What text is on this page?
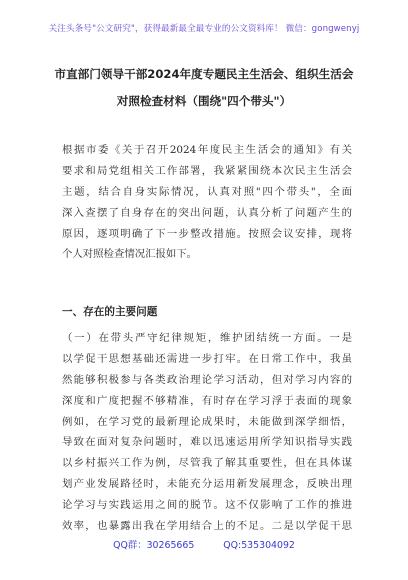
关注头条号"公文研究"，获得最新最全最专业的公文资料库！ 微信：gongwenyj
市直部门领导干部2024年度专题民主生活会、组织生活会
对照检查材料（围绕"四个带头"）
根据市委《关于召开2024年度民主生活会的通知》有关
要求和局党组相关工作部署，我紧紧围绕本次民主生活会
主题，结合自身实际情况，认真对照"四个带头"，全面
深入查摆了自身存在的突出问题，认真分析了问题产生的
原因，逐项明确了下一步整改措施。按照会议安排，现将
个人对照检查情况汇报如下。
一、存在的主要问题
（一）在带头严守纪律规矩，维护团结统一方面。一是
以学促干思想基础还需进一步打牢。在日常工作中，我虽
然能够积极参与各类政治理论学习活动，但对学习内容的
深度和广度把握不够精准，有时存在学习浮于表面的现象
例如，在学习党的最新理论成果时，未能做到深学细悟，
导致在面对复杂问题时，难以迅速运用所学知识指导实践
以乡村振兴工作为例，尽管我了解其重要性，但在具体谋
划产业发展路径时，未能充分运用新发展理念，反映出理
论学习与实践运用之间的脱节。这不仅影响了工作的推进
效率，也暴露出我在学用结合上的不足。二是以学促干思
QQ群：30265665	QQ:535304092
